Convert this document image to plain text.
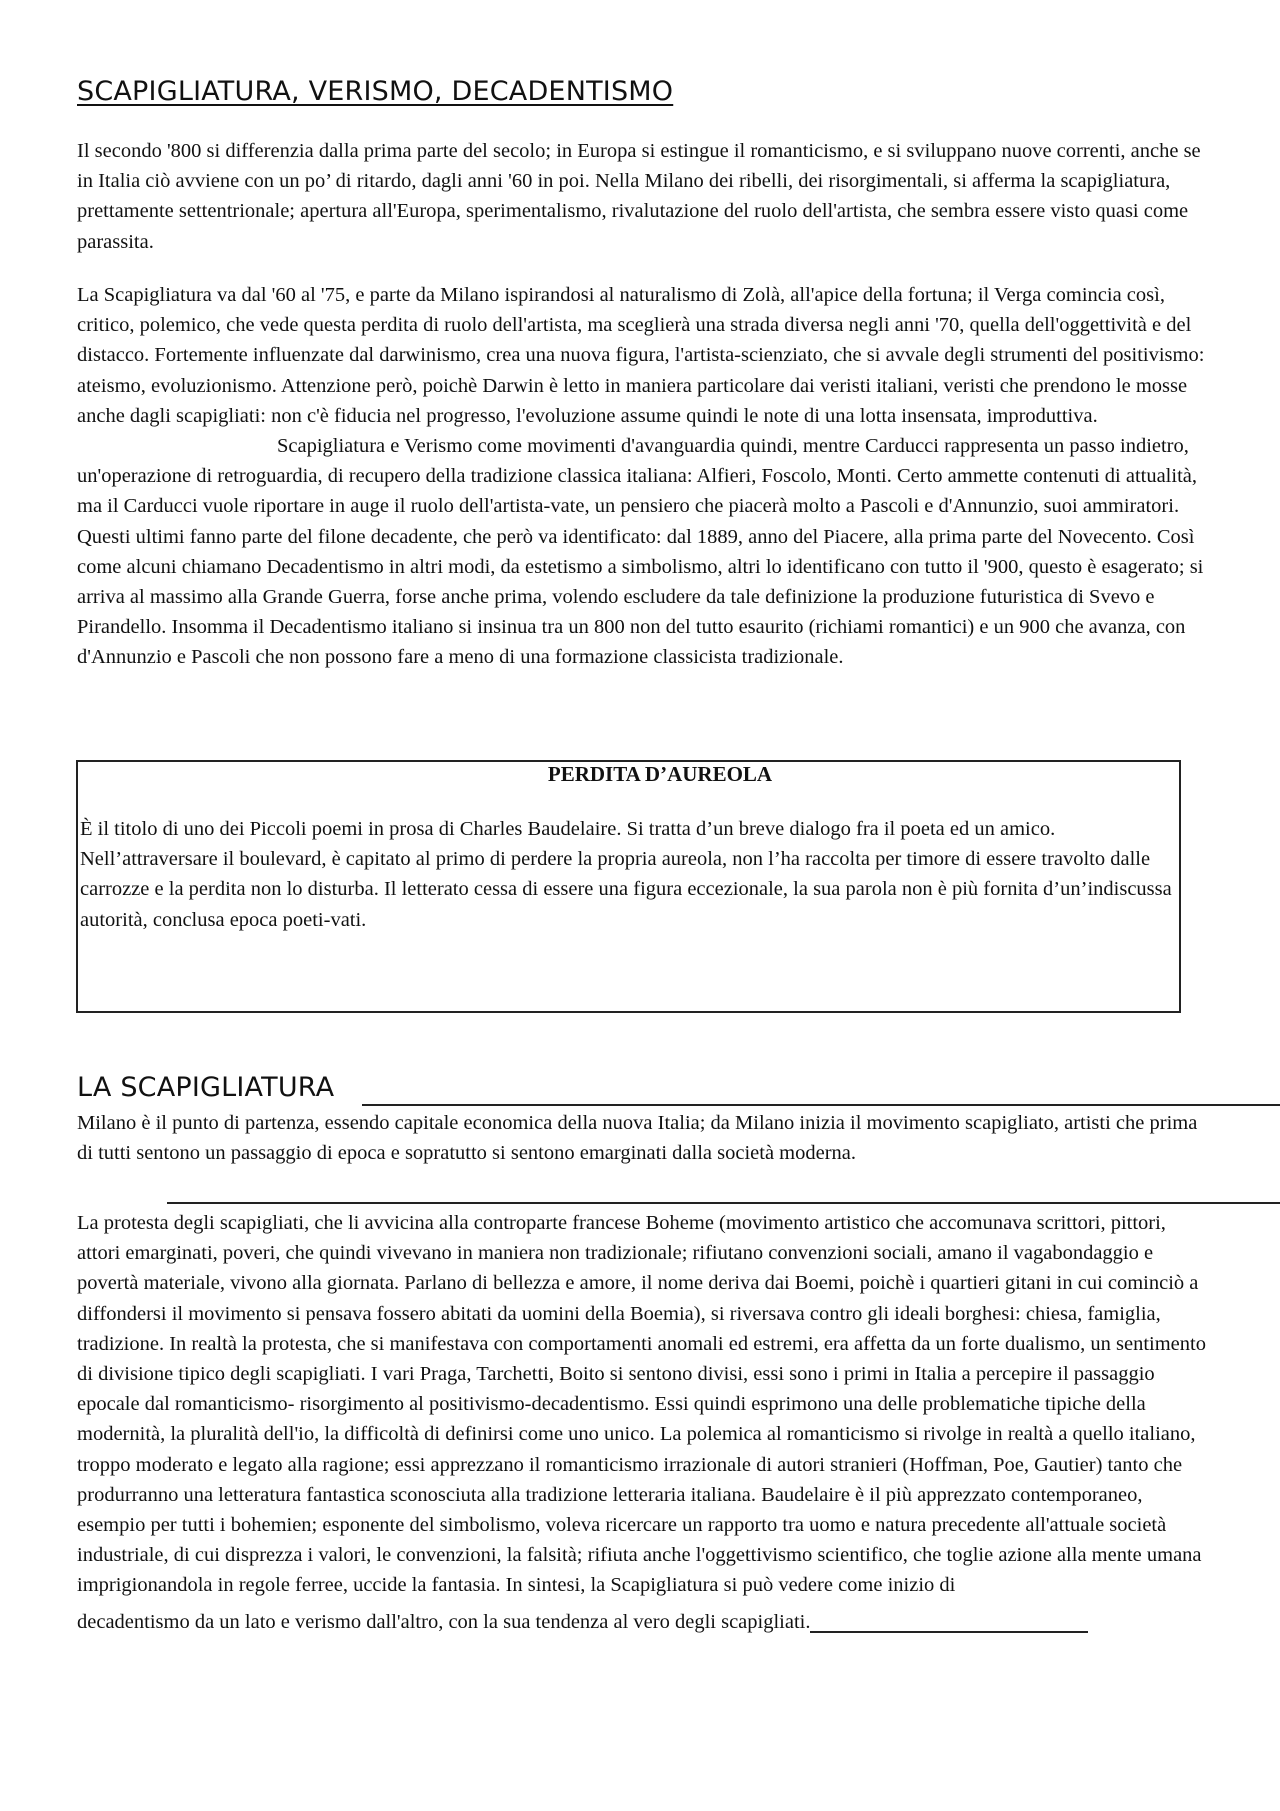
SCAPIGLIATURA, VERISMO, DECADENTISMO

Il secondo '800 si differenzia dalla prima parte del secolo; in Europa si estingue il romanticismo, e si sviluppano nuove correnti, anche se in Italia ciò avviene con un po’ di ritardo, dagli anni '60 in poi. Nella Milano dei ribelli, dei risorgimentali, si afferma la scapigliatura, prettamente settentrionale; apertura all'Europa, sperimentalismo, rivalutazione del ruolo dell'artista, che sembra essere visto quasi come parassita.

La Scapigliatura va dal '60 al '75, e parte da Milano ispirandosi al naturalismo di Zolà, all'apice della fortuna; il Verga comincia così, critico, polemico, che vede questa perdita di ruolo dell'artista, ma sceglierà una strada diversa negli anni '70, quella dell'oggettività e del distacco. Fortemente influenzate dal darwinismo, crea una nuova figura, l'artista-scienziato, che si avvale degli strumenti del positivismo: ateismo, evoluzionismo. Attenzione però, poichè Darwin è letto in maniera particolare dai veristi italiani, veristi che prendono le mosse anche dagli scapigliati: non c'è fiducia nel progresso, l'evoluzione assume quindi le note di una lotta insensata, improduttiva.Scapigliatura e Verismo come movimenti d'avanguardia quindi, mentre Carducci rappresenta un passo indietro, un'operazione di retroguardia, di recupero della tradizione classica italiana: Alfieri, Foscolo, Monti. Certo ammette contenuti di attualità, ma il Carducci vuole riportare in auge il ruolo dell'artista-vate, un pensiero che piacerà molto a Pascoli e d'Annunzio, suoi ammiratori. Questi ultimi fanno parte del filone decadente, che però va identificato: dal 1889, anno del Piacere, alla prima parte del Novecento. Così come alcuni chiamano Decadentismo in altri modi, da estetismo a simbolismo, altri lo identificano con tutto il '900, questo è esagerato; si arriva al massimo alla Grande Guerra, forse anche prima, volendo escludere da tale definizione la produzione futuristica di Svevo e Pirandello. Insomma il Decadentismo italiano si insinua tra un 800 non del tutto esaurito (richiami romantici) e un 900 che avanza, con d'Annunzio e Pascoli che non possono fare a meno di una formazione classicista tradizionale.

PERDITA D’AUREOLA

È il titolo di uno dei Piccoli poemi in prosa di Charles Baudelaire. Si tratta d’un breve dialogo fra il poeta ed un amico. Nell’attraversare il boulevard, è capitato al primo di perdere la propria aureola, non l’ha raccolta per timore di essere travolto dalle carrozze e la perdita non lo disturba. Il letterato cessa di essere una figura eccezionale, la sua parola non è più fornita d’un’indiscussa autorità, conclusa epoca poeti-vati.

LA SCAPIGLIATURA

Milano è il punto di partenza, essendo capitale economica della nuova Italia; da Milano inizia il movimento scapigliato, artisti che prima di tutti sentono un passaggio di epoca e sopratutto si sentono emarginati dalla società moderna.

La protesta degli scapigliati, che li avvicina alla controparte francese Boheme (movimento artistico che accomunava scrittori, pittori, attori emarginati, poveri, che quindi vivevano in maniera non tradizionale; rifiutano convenzioni sociali, amano il vagabondaggio e povertà materiale, vivono alla giornata. Parlano di bellezza e amore, il nome deriva dai Boemi, poichè i quartieri gitani in cui cominciò a diffondersi il movimento si pensava fossero abitati da uomini della Boemia), si riversava contro gli ideali borghesi: chiesa, famiglia, tradizione. In realtà la protesta, che si manifestava con comportamenti anomali ed estremi, era affetta da un forte dualismo, un sentimento di divisione tipico degli scapigliati. I vari Praga, Tarchetti, Boito si sentono divisi, essi sono i primi in Italia a percepire il passaggio epocale dal romanticismo- risorgimento al positivismo-decadentismo. Essi quindi esprimono una delle problematiche tipiche della modernità, la pluralità dell'io, la difficoltà di definirsi come uno unico. La polemica al romanticismo si rivolge in realtà a quello italiano, troppo moderato e legato alla ragione; essi apprezzano il romanticismo irrazionale di autori stranieri (Hoffman, Poe, Gautier) tanto che produrranno una letteratura fantastica sconosciuta alla tradizione letteraria italiana. Baudelaire è il più apprezzato contemporaneo, esempio per tutti i bohemien; esponente del simbolismo, voleva ricercare un rapporto tra uomo e natura precedente all'attuale società industriale, di cui disprezza i valori, le convenzioni, la falsità; rifiuta anche l'oggettivismo scientifico, che toglie azione alla mente umana imprigionandola in regole ferree, uccide la fantasia. In sintesi, la Scapigliatura si può vedere come inizio di
decadentismo da un lato e verismo dall'altro, con la sua tendenza al vero degli scapigliati.
